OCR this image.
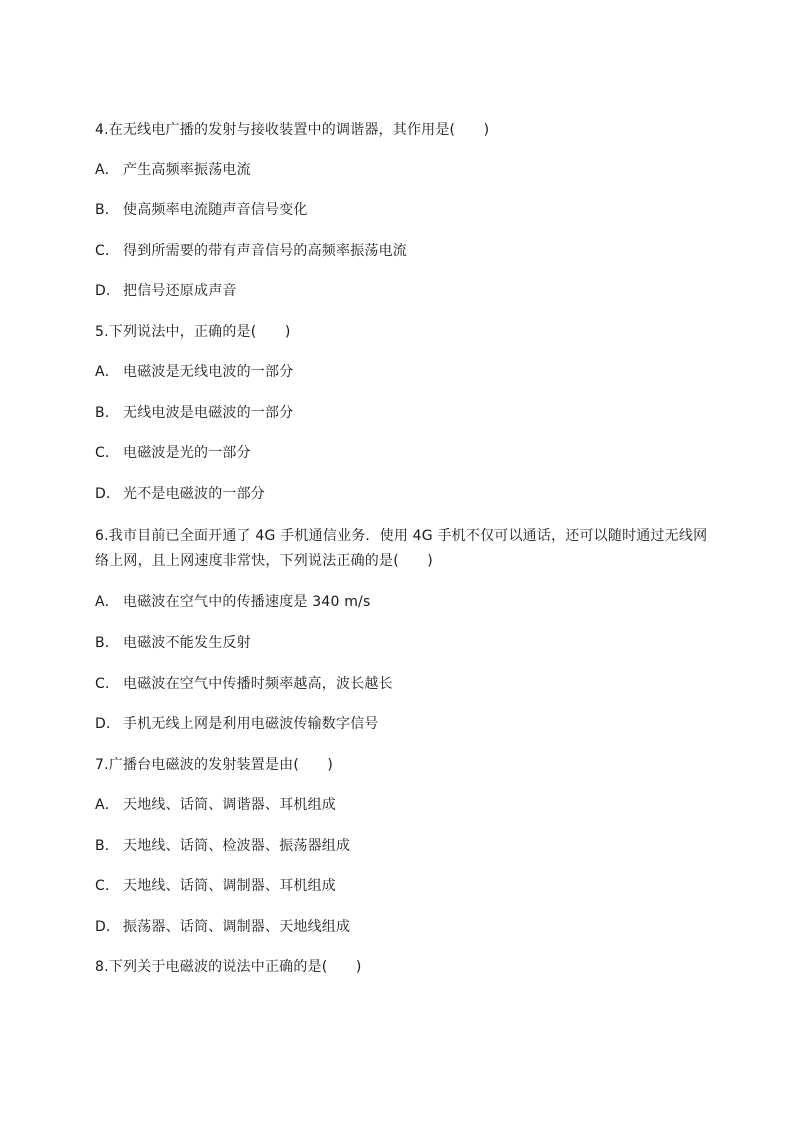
4.在无线电广播的发射与接收装置中的调谐器，其作用是(　　)
A． 产生高频率振荡电流
B． 使高频率电流随声音信号变化
C． 得到所需要的带有声音信号的高频率振荡电流
D． 把信号还原成声音
5.下列说法中，正确的是(　　)
A． 电磁波是无线电波的一部分
B． 无线电波是电磁波的一部分
C． 电磁波是光的一部分
D． 光不是电磁波的一部分
6.我市目前已全面开通了 4G 手机通信业务．使用 4G 手机不仅可以通话，还可以随时通过无线网络上网，且上网速度非常快，下列说法正确的是(　　)
A． 电磁波在空气中的传播速度是 340 m/s
B． 电磁波不能发生反射
C． 电磁波在空气中传播时频率越高，波长越长
D． 手机无线上网是利用电磁波传输数字信号
7.广播台电磁波的发射装置是由(　　)
A． 天地线、话筒、调谐器、耳机组成
B． 天地线、话筒、检波器、振荡器组成
C． 天地线、话筒、调制器、耳机组成
D． 振荡器、话筒、调制器、天地线组成
8.下列关于电磁波的说法中正确的是(　　)
